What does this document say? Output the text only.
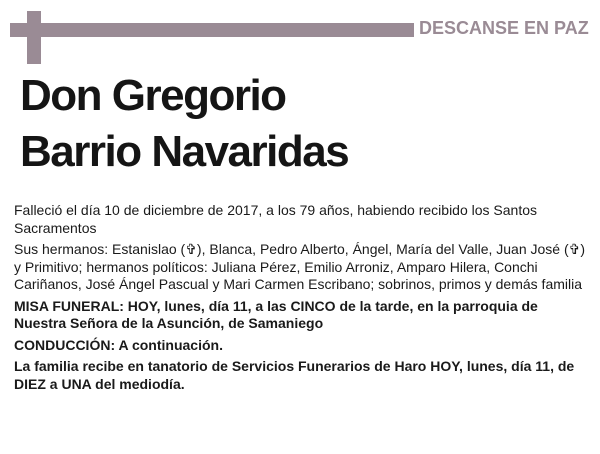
DESCANSE EN PAZ
Don Gregorio
Barrio Navaridas

Falleció el día 10 de diciembre de 2017, a los 79 años, habiendo recibido los Santos Sacramentos

Sus hermanos: Estanislao (✞), Blanca, Pedro Alberto, Ángel, María del Valle, Juan José (✞) y Primitivo; hermanos políticos: Juliana Pérez, Emilio Arroniz, Amparo Hilera, Conchi Cariñanos, José Ángel Pascual y Mari Carmen Escribano; sobrinos, primos y demás familia

MISA FUNERAL: HOY, lunes, día 11, a las CINCO de la tarde, en la parroquia de Nuestra Señora de la Asunción, de Samaniego

CONDUCCIÓN: A continuación.

La familia recibe en tanatorio de Servicios Funerarios de Haro HOY, lunes, día 11, de DIEZ a UNA del mediodía.
